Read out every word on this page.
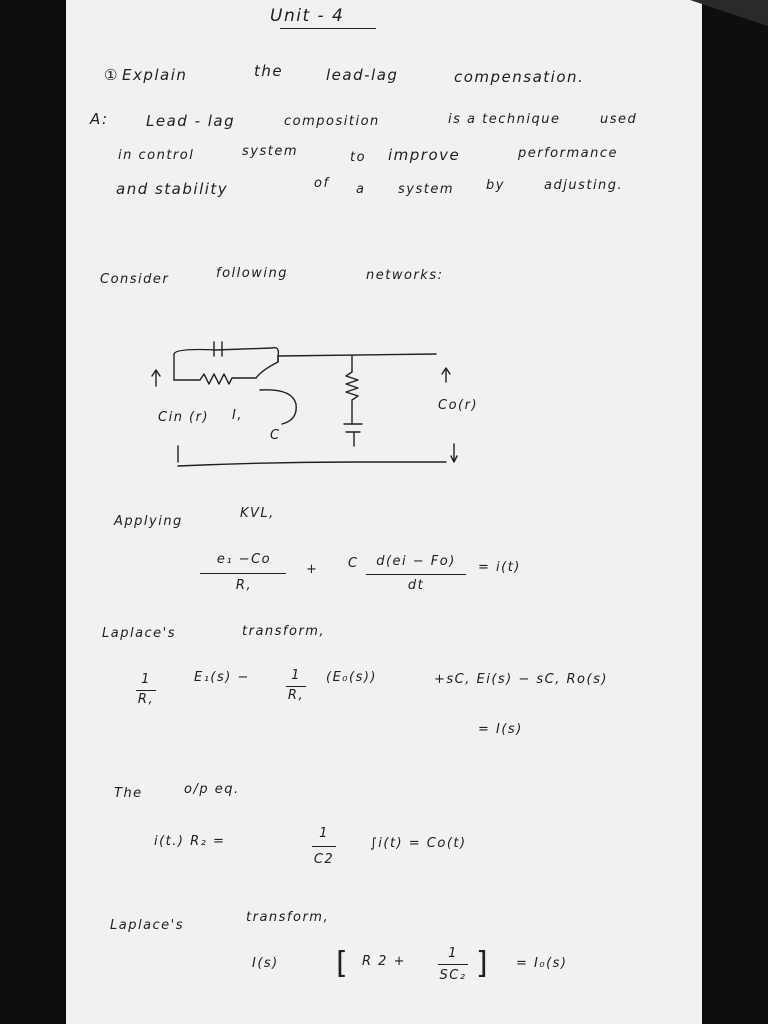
Unit - 4
① Explain	the	lead-lag	compensation.
A: Lead - lag	composition	is a technique	used
in control	system	to improve	performance
and stability	of a	system by	adjusting.
Consider	following	networks:
Cin (r) I,
C
Co(r)
Applying
KVL,
e₁ −Co
R,
+ C	d(ei − Fo)
dt
= i(t)
Laplace's	transform,
1
R,
E₁(s) −	1
R,
(E₀(s))	+sC, Ei(s) − sC, Ro(s)
= I(s)
The	o/p eq.
i(t.) R₂ =
1
C2
∫i(t) = Co(t)
Laplace's
transform,
I(s) [ R 2 +
1
SC₂ ] = I₀(s)
